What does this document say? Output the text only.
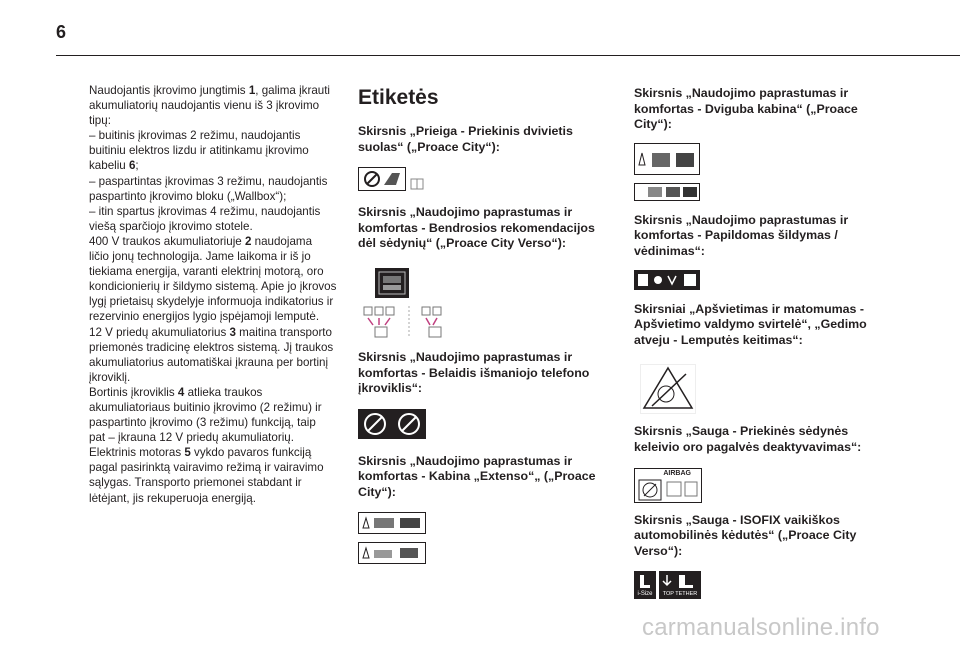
6
Naudojantis įkrovimo jungtimis 1, galima įkrauti
akumuliatorių naudojantis vienu iš 3 įkrovimo
tipų:
– buitinis įkrovimas 2 režimu, naudojantis
buitiniu elektros lizdu ir atitinkamu įkrovimo
kabeliu 6;
– paspartintas įkrovimas 3 režimu, naudojantis
paspartinto įkrovimo bloku („Wallbox“);
– itin spartus įkrovimas 4 režimu, naudojantis
viešą sparčiojo įkrovimo stotele.
400 V traukos akumuliatoriuje 2 naudojama
ličio jonų technologija. Jame laikoma ir iš jo
tiekiama energija, varanti elektrinį motorą, oro
kondicionierių ir šildymo sistemą. Apie jo įkrovos
lygį prietaisų skydelyje informuoja indikatorius ir
rezervinio energijos lygio įspėjamoji lemputė.
12 V priedų akumuliatorius 3 maitina transporto
priemonės tradicinę elektros sistemą. Jį traukos
akumuliatorius automatiškai įkrauna per bortinį
įkroviklį.
Bortinis įkroviklis 4 atlieka traukos
akumuliatoriaus buitinio įkrovimo (2 režimu) ir
paspartinto įkrovimo (3 režimu) funkciją, taip
pat – įkrauna 12 V priedų akumuliatorių.
Elektrinis motoras 5 vykdo pavaros funkciją
pagal pasirinktą vairavimo režimą ir vairavimo
sąlygas. Transporto priemonei stabdant ir
lėtėjant, jis rekuperuoja energiją.
Etiketės
Skirsnis „Prieiga - Priekinis dvivietis
suolas“ („Proace City“):
Skirsnis „Naudojimo paprastumas ir
komfortas - Bendrosios rekomendacijos
dėl sėdynių“ („Proace City Verso“):
Skirsnis „Naudojimo paprastumas ir
komfortas - Belaidis išmaniojo telefono
įkroviklis“:
Skirsnis „Naudojimo paprastumas ir
komfortas - Kabina „Extenso“„ („Proace
City“):
Skirsnis „Naudojimo paprastumas ir
komfortas - Dviguba kabina“ („Proace
City“):
Skirsnis „Naudojimo paprastumas ir
komfortas - Papildomas šildymas /
vėdinimas“:
Skirsniai „Apšvietimas ir matomumas -
Apšvietimo valdymo svirtelė“, „Gedimo
atveju - Lemputės keitimas“:
Skirsnis „Sauga - Priekinės sėdynės
keleivio oro pagalvės deaktyvavimas“:
AIRBAG
Skirsnis „Sauga - ISOFIX vaikiškos
automobilinės kėdutės“ („Proace City
Verso“):
i-Size	TOP TETHER
carmanualsonline.info
